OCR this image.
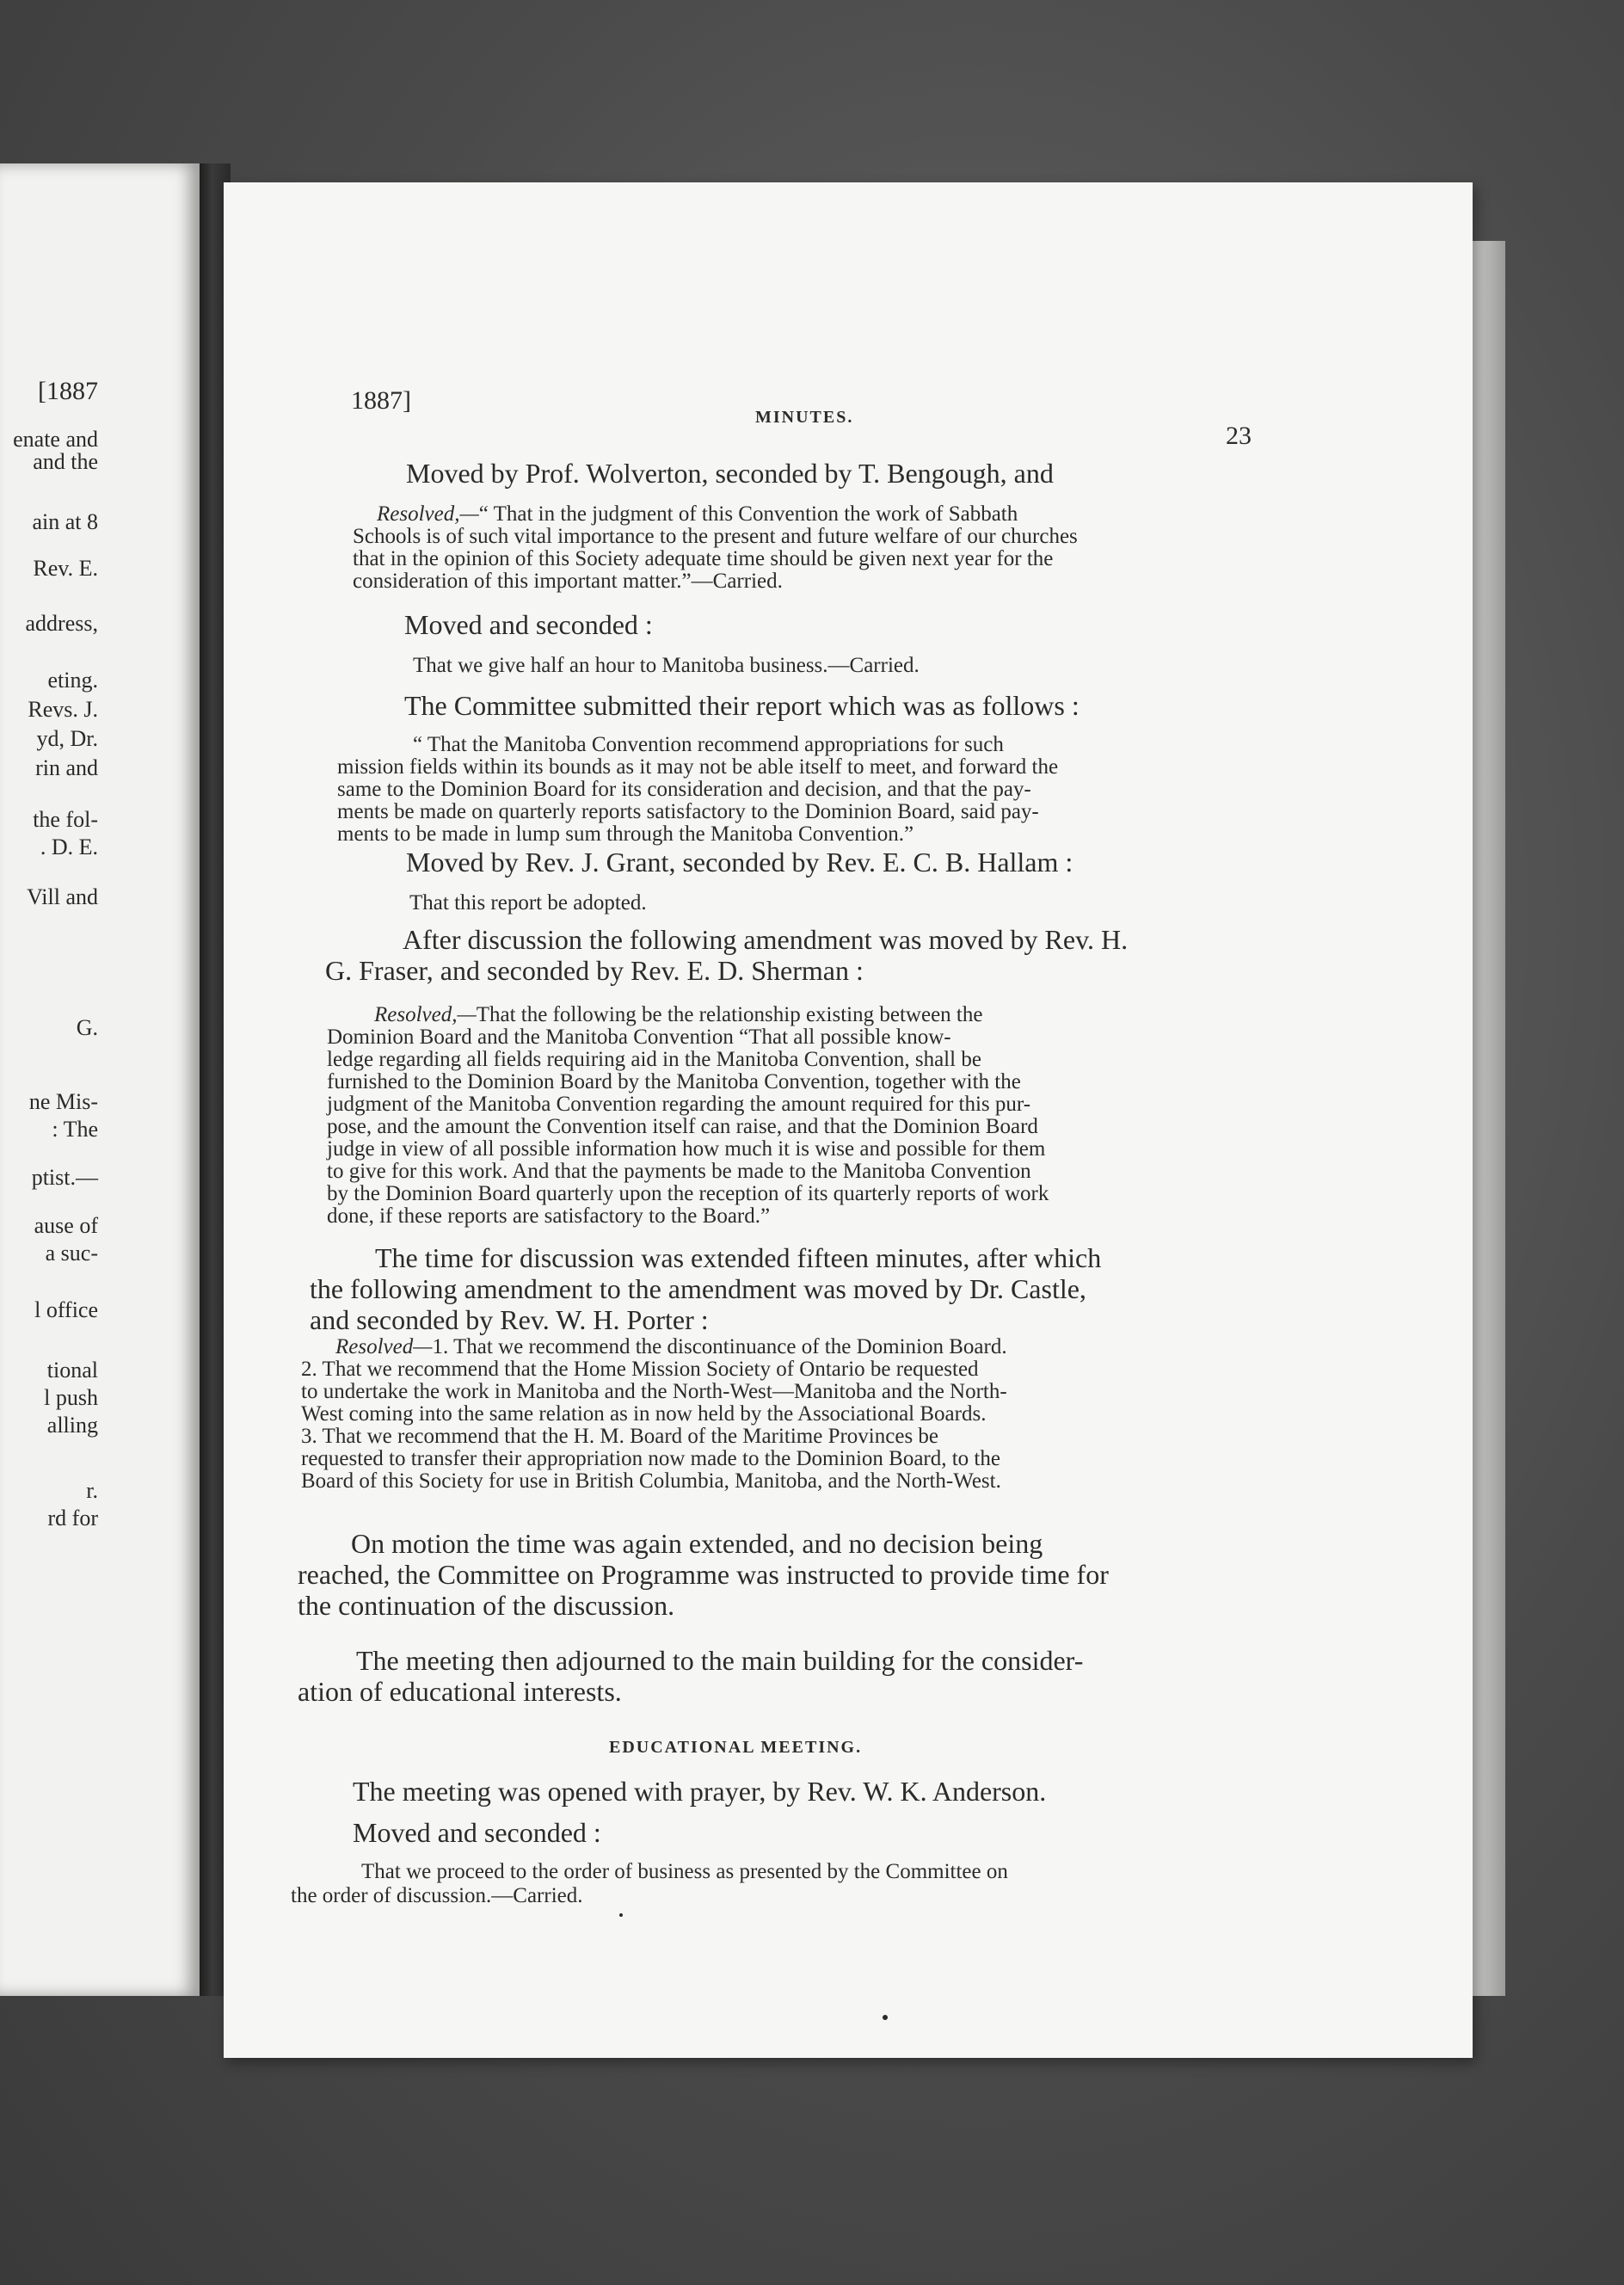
[1887
enate and
and the
ain at 8
Rev. E.
address,
eting.
Revs. J.
yd, Dr.
rin and
the fol-
. D. E.
Vill and
G.
ne Mis-
: The
ptist.—
ause of
a suc-
l office
tional
l push
alling
r.
rd for
1887]
MINUTES.
23
Moved by Prof. Wolverton, seconded by T. Bengough, and
Resolved,—“ That in the judgment of this Convention the work of Sabbath
Schools is of such vital importance to the present and future welfare of our churches
that in the opinion of this Society adequate time should be given next year for the
consideration of this important matter.”—Carried.
Moved and seconded :
That we give half an hour to Manitoba business.—Carried.
The Committee submitted their report which was as follows :
“ That the Manitoba Convention recommend appropriations for such
mission fields within its bounds as it may not be able itself to meet, and forward the
same to the Dominion Board for its consideration and decision, and that the pay-
ments be made on quarterly reports satisfactory to the Dominion Board, said pay-
ments to be made in lump sum through the Manitoba Convention.”
Moved by Rev. J. Grant, seconded by Rev. E. C. B. Hallam :
That this report be adopted.
After discussion the following amendment was moved by Rev. H.
G. Fraser, and seconded by Rev. E. D. Sherman :
Resolved,—That the following be the relationship existing between the
Dominion Board and the Manitoba Convention “That all possible know-
ledge regarding all fields requiring aid in the Manitoba Convention, shall be
furnished to the Dominion Board by the Manitoba Convention, together with the
judgment of the Manitoba Convention regarding the amount required for this pur-
pose, and the amount the Convention itself can raise, and that the Dominion Board
judge in view of all possible information how much it is wise and possible for them
to give for this work. And that the payments be made to the Manitoba Convention
by the Dominion Board quarterly upon the reception of its quarterly reports of work
done, if these reports are satisfactory to the Board.”
The time for discussion was extended fifteen minutes, after which
the following amendment to the amendment was moved by Dr. Castle,
and seconded by Rev. W. H. Porter :
Resolved—1. That we recommend the discontinuance of the Dominion Board.
2. That we recommend that the Home Mission Society of Ontario be requested
to undertake the work in Manitoba and the North-West—Manitoba and the North-
West coming into the same relation as in now held by the Associational Boards.
3. That we recommend that the H. M. Board of the Maritime Provinces be
requested to transfer their appropriation now made to the Dominion Board, to the
Board of this Society for use in British Columbia, Manitoba, and the North-West.
On motion the time was again extended, and no decision being
reached, the Committee on Programme was instructed to provide time for
the continuation of the discussion.
The meeting then adjourned to the main building for the consider-
ation of educational interests.
EDUCATIONAL MEETING.
The meeting was opened with prayer, by Rev. W. K. Anderson.
Moved and seconded :
That we proceed to the order of business as presented by the Committee on
the order of discussion.—Carried.
